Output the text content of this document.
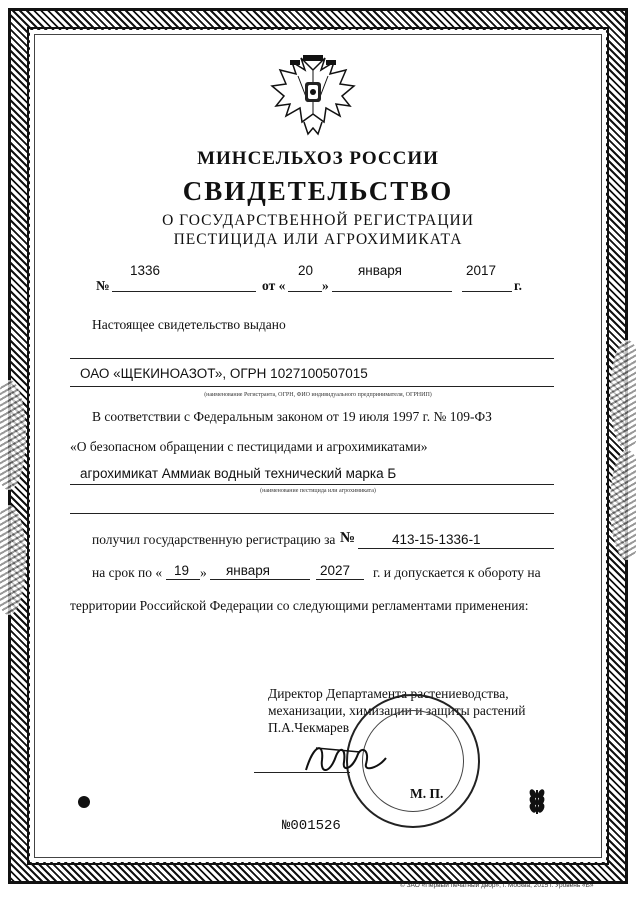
МИНСЕЛЬХОЗ РОССИИ
СВИДЕТЕЛЬСТВО
О ГОСУДАРСТВЕННОЙ РЕГИСТРАЦИИ
ПЕСТИЦИДА ИЛИ АГРОХИМИКАТА
№
1336
от «
20
»
января	2017
г.
Настоящее свидетельство выдано
ОАО «ЩЕКИНОАЗОТ», ОГРН 1027100507015
(наименование Регистранта, ОГРН, ФИО индивидуального предпринимателя, ОГРНИП)
В соответствии с Федеральным законом от 19 июля 1997 г. № 109-ФЗ
«О безопасном обращении с пестицидами и агрохимикатами»
агрохимикат Аммиак водный технический марка Б
(наименование пестицида или агрохимиката)
получил государственную регистрацию за №	413-15-1336-1
на срок по « 19 » января	2027 г. и допускается к обороту на
территории Российской Федерации со следующими регламентами применения:
Директор Департамента растениеводства,
механизации, химизации и защиты растений
П.А.Чекмарев
М. П.
№001526
© ЗАО «Первый печатный двор», г. Москва, 2015 г. Уровень «Б»
